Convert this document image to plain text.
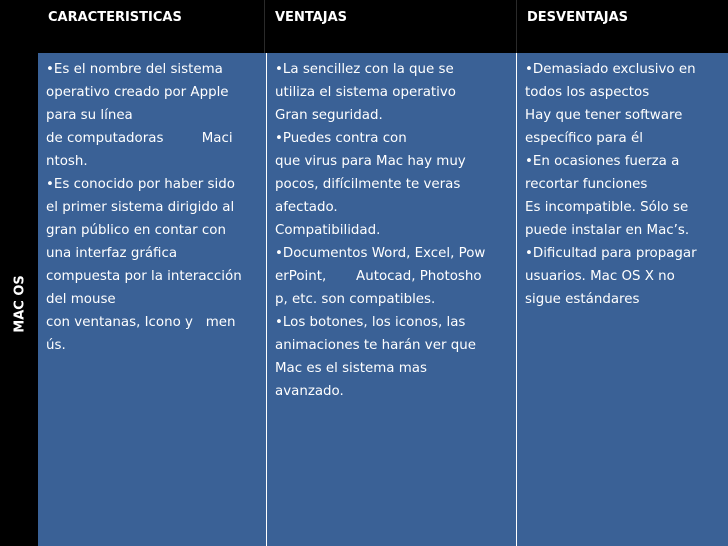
MAC OS
CARACTERISTICAS	VENTAJAS	DESVENTAJAS
•Es el nombre del sistema
operativo creado por Apple
para su línea
de computadoras         Maci
ntosh.
•Es conocido por haber sido
el primer sistema dirigido al
gran público en contar con
una interfaz gráfica
compuesta por la interacción
del mouse
con ventanas, Icono y   men
ús.
•La sencillez con la que se
utiliza el sistema operativo
Gran seguridad.
•Puedes contra con
que virus para Mac hay muy
pocos, difícilmente te veras
afectado.
Compatibilidad.
•Documentos Word, Excel, Pow
erPoint,       Autocad, Photosho
p, etc. son compatibles.
•Los botones, los iconos, las
animaciones te harán ver que
Mac es el sistema mas
avanzado.
•Demasiado exclusivo en
todos los aspectos
Hay que tener software
específico para él
•En ocasiones fuerza a
recortar funciones
Es incompatible. Sólo se
puede instalar en Mac’s.
•Dificultad para propagar
usuarios. Mac OS X no
sigue estándares
